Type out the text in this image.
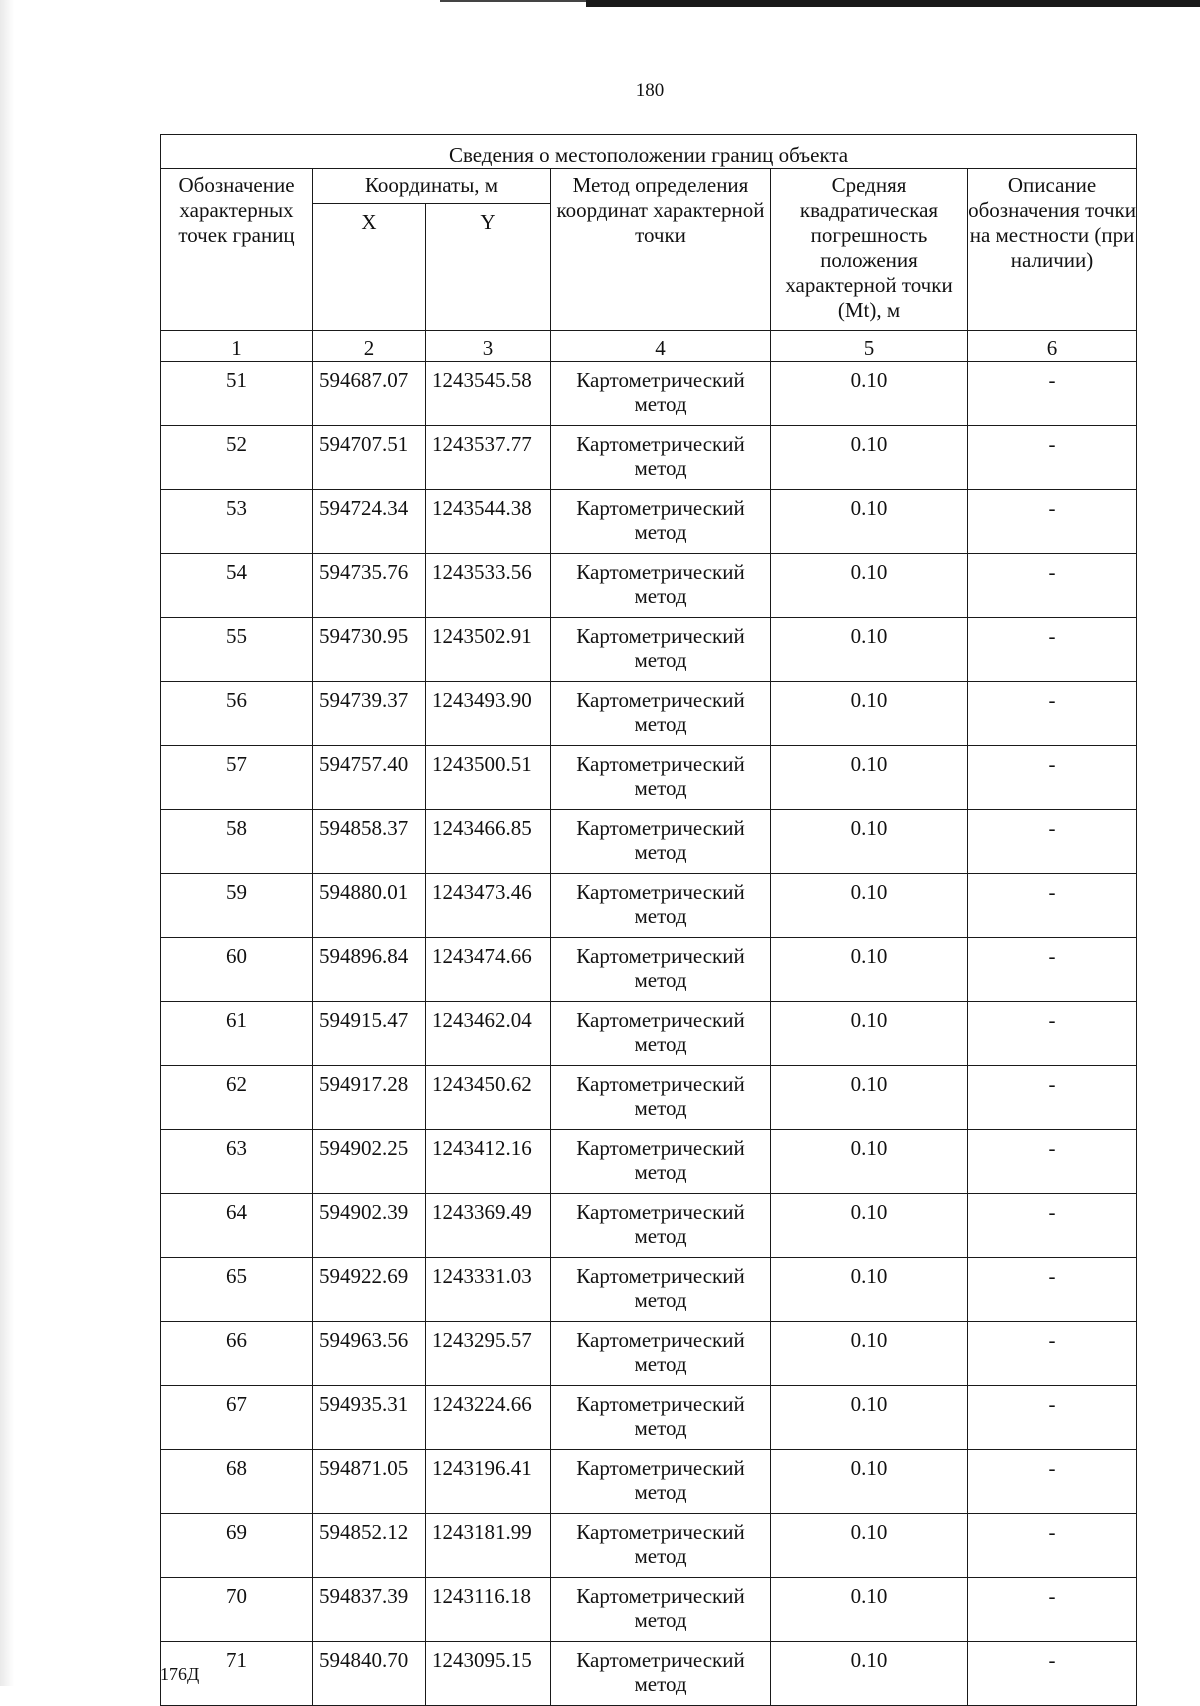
180
Сведения о местоположении границ объекта					
Обозначение характерных точек границ	Координаты, м		Метод определения координат характерной точки	Средняя квадратическая погрешность положения характерной точки (Mt), м	Описание обозначения точки на местности (при наличии)
	X	Y			
1	2	3	4	5	6
51	594687.07	1243545.58	Картометрический метод	0.10	-
52	594707.51	1243537.77	Картометрический метод	0.10	-
53	594724.34	1243544.38	Картометрический метод	0.10	-
54	594735.76	1243533.56	Картометрический метод	0.10	-
55	594730.95	1243502.91	Картометрический метод	0.10	-
56	594739.37	1243493.90	Картометрический метод	0.10	-
57	594757.40	1243500.51	Картометрический метод	0.10	-
58	594858.37	1243466.85	Картометрический метод	0.10	-
59	594880.01	1243473.46	Картометрический метод	0.10	-
60	594896.84	1243474.66	Картометрический метод	0.10	-
61	594915.47	1243462.04	Картометрический метод	0.10	-
62	594917.28	1243450.62	Картометрический метод	0.10	-
63	594902.25	1243412.16	Картометрический метод	0.10	-
64	594902.39	1243369.49	Картометрический метод	0.10	-
65	594922.69	1243331.03	Картометрический метод	0.10	-
66	594963.56	1243295.57	Картометрический метод	0.10	-
67	594935.31	1243224.66	Картометрический метод	0.10	-
68	594871.05	1243196.41	Картометрический метод	0.10	-
69	594852.12	1243181.99	Картометрический метод	0.10	-
70	594837.39	1243116.18	Картометрический метод	0.10	-
71	594840.70	1243095.15	Картометрический метод	0.10	-
176Д
